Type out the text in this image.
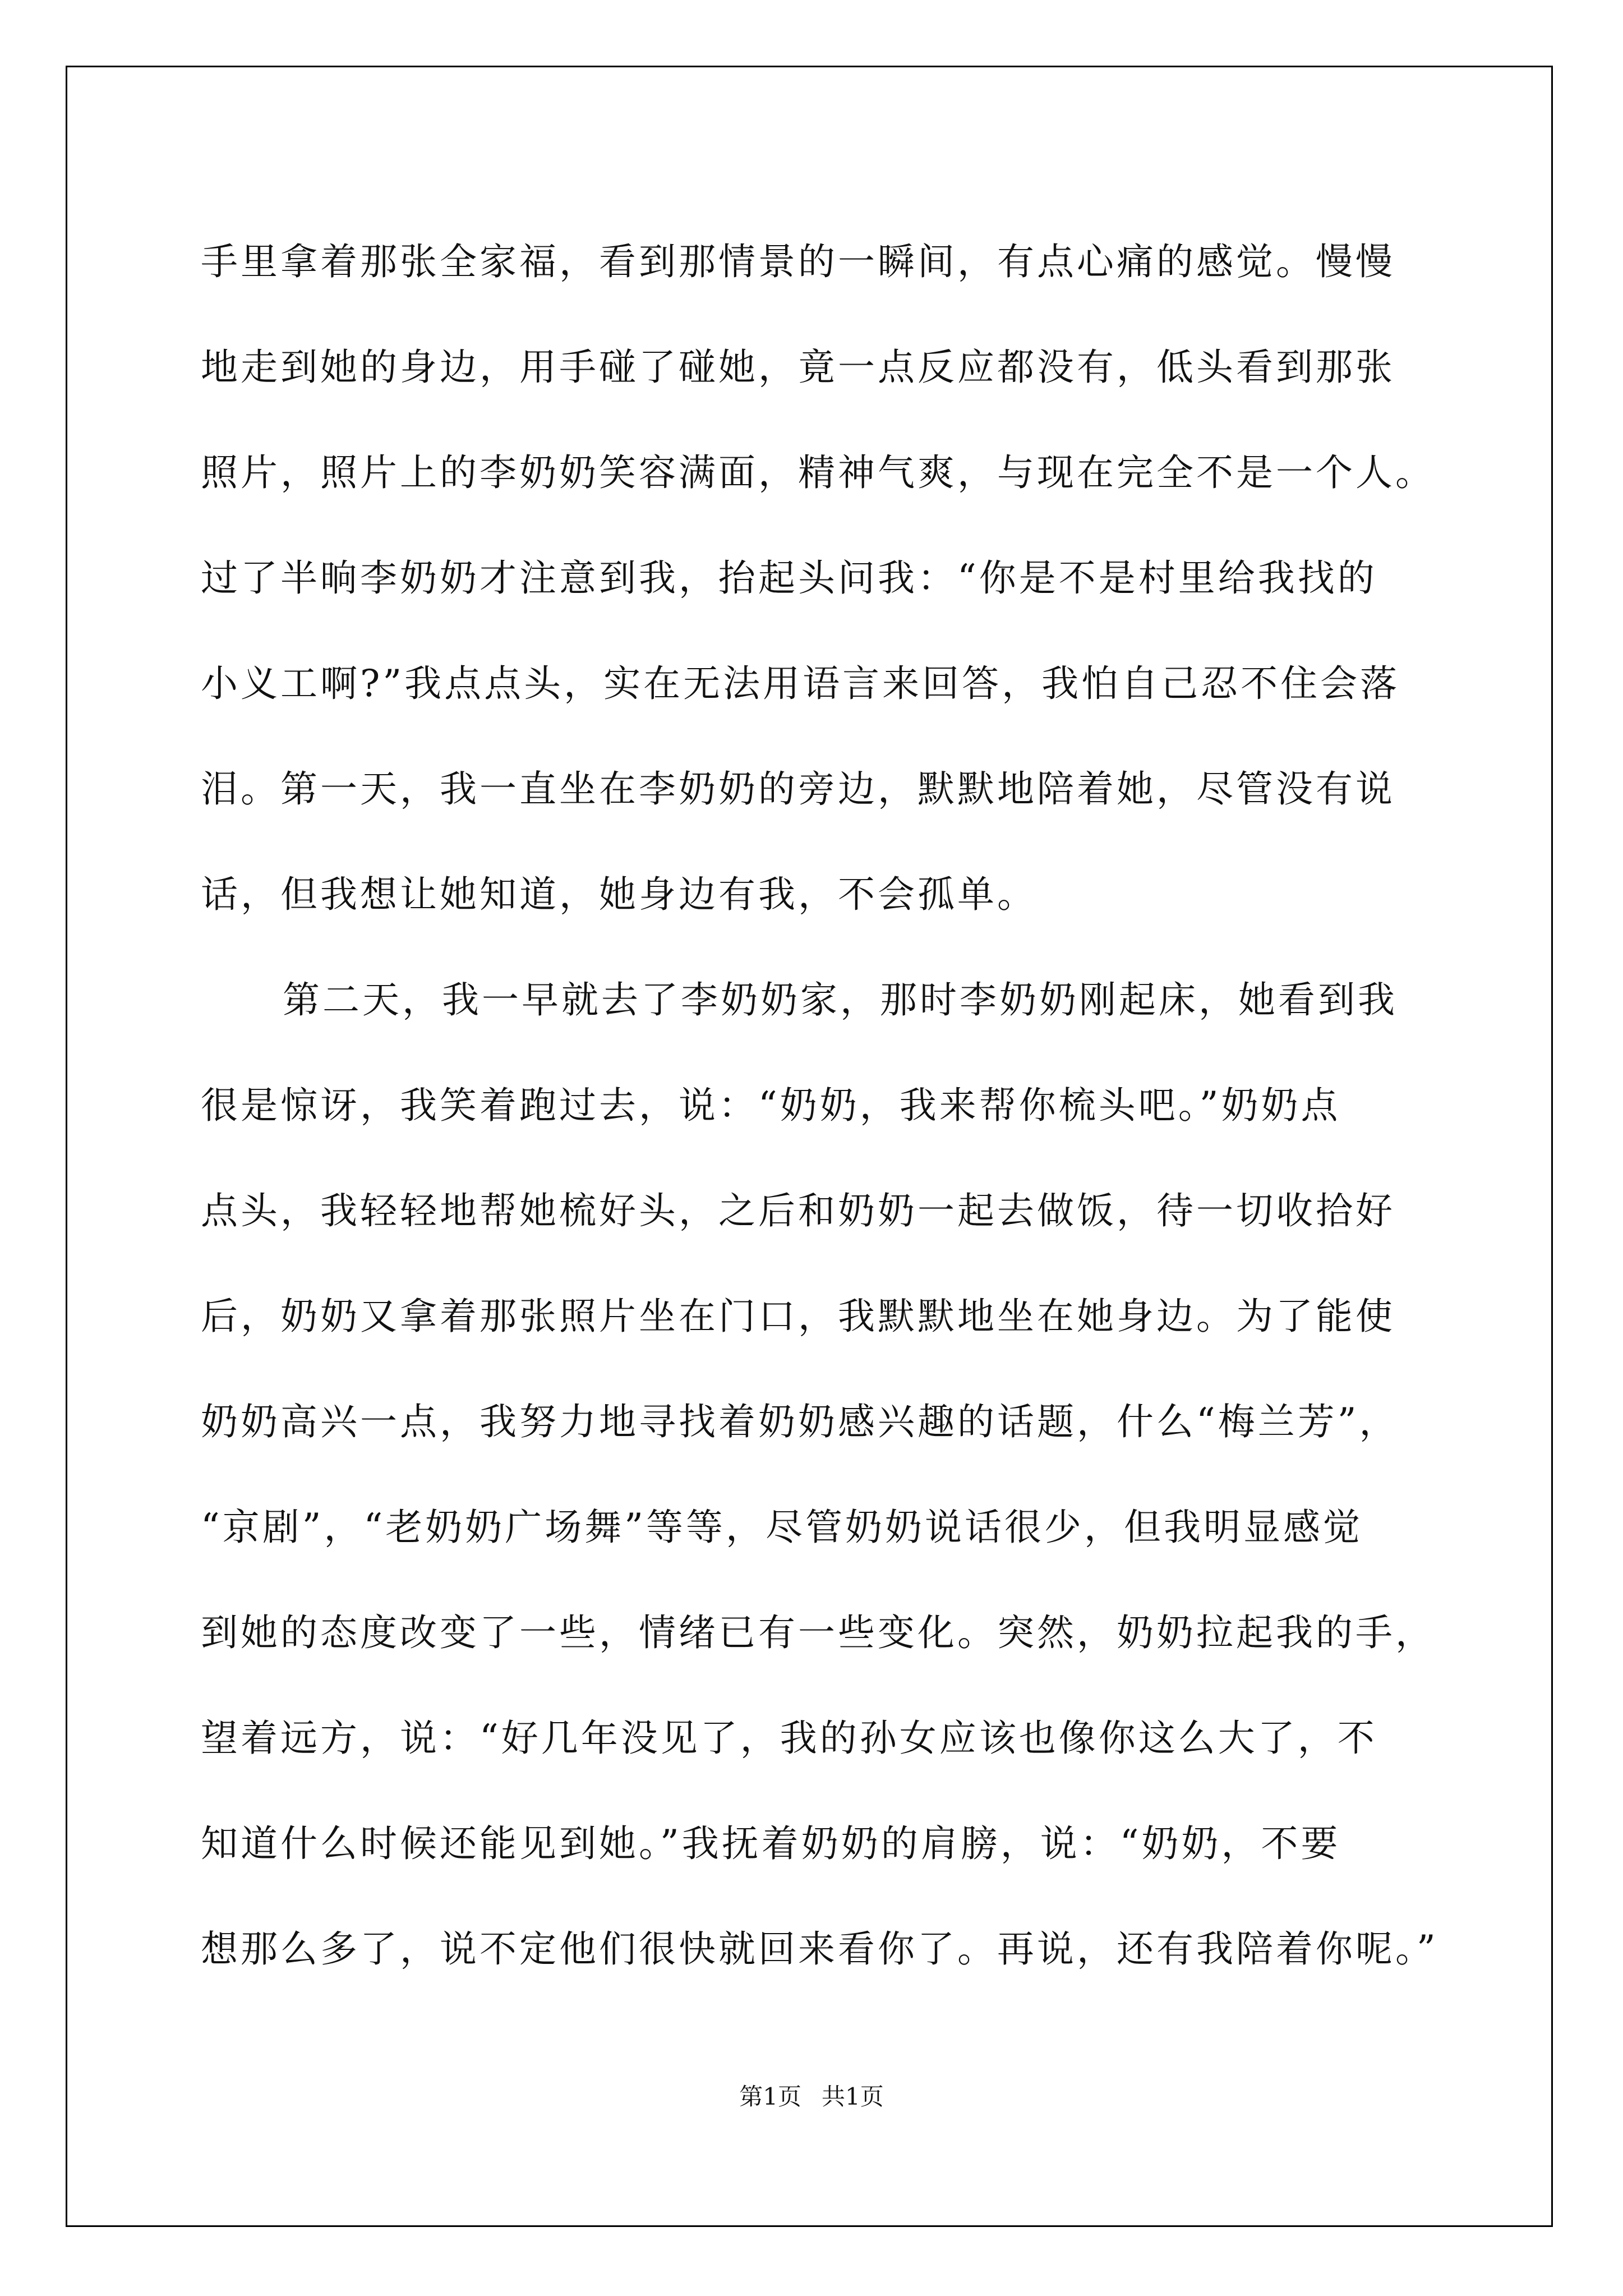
手里拿着那张全家福，看到那情景的一瞬间，有点心痛的感觉。慢慢
地走到她的身边，用手碰了碰她，竟一点反应都没有，低头看到那张
照片，照片上的李奶奶笑容满面，精神气爽，与现在完全不是一个人。
过了半晌李奶奶才注意到我，抬起头问我：“你是不是村里给我找的
小义工啊?”我点点头，实在无法用语言来回答，我怕自己忍不住会落
泪。第一天，我一直坐在李奶奶的旁边，默默地陪着她，尽管没有说
话，但我想让她知道，她身边有我，不会孤单。
第二天，我一早就去了李奶奶家，那时李奶奶刚起床，她看到我
很是惊讶，我笑着跑过去，说：“奶奶，我来帮你梳头吧。”奶奶点
点头，我轻轻地帮她梳好头，之后和奶奶一起去做饭，待一切收拾好
后，奶奶又拿着那张照片坐在门口，我默默地坐在她身边。为了能使
奶奶高兴一点，我努力地寻找着奶奶感兴趣的话题，什么“梅兰芳”，
“京剧”，“老奶奶广场舞”等等，尽管奶奶说话很少，但我明显感觉
到她的态度改变了一些，情绪已有一些变化。突然，奶奶拉起我的手，
望着远方，说：“好几年没见了，我的孙女应该也像你这么大了，不
知道什么时候还能见到她。”我抚着奶奶的肩膀，说：“奶奶，不要
想那么多了，说不定他们很快就回来看你了。再说，还有我陪着你呢。”
第1页 共1页
